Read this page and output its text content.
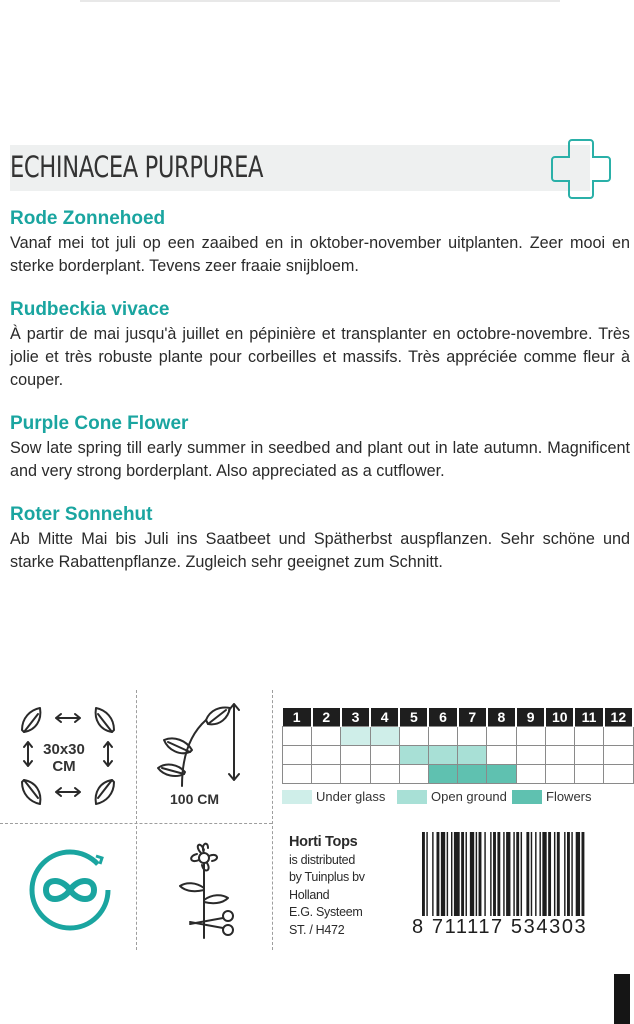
ECHINACEA PURPUREA
Rode Zonnehoed

Vanaf mei tot juli op een zaaibed en in oktober-november uitplanten. Zeer mooi en sterke borderplant. Tevens zeer fraaie snijbloem.

Rudbeckia vivace

À partir de mai jusqu'à juillet en pépinière et transplanter en octobre-novembre. Très jolie et très robuste plante pour corbeilles et massifs. Très appréciée comme fleur à couper.

Purple Cone Flower

Sow late spring till early summer in seedbed and plant out in late autumn. Magnificent and very strong borderplant. Also appreciated as a cutflower.

Roter Sonnehut

Ab Mitte Mai bis Juli ins Saatbeet und Spätherbst auspflanzen. Sehr schöne und starke Rabattenpflanze. Zugleich sehr geeignet zum Schnitt.

30x30
CM
100 CM
1	2	3	4	5	6	7	8	9	10	11	12

Under glass	Open ground	Flowers
Horti Tops
is distributed
by Tuinplus bv
Holland
E.G. Systeem
ST. / H472	8 711117 534303
